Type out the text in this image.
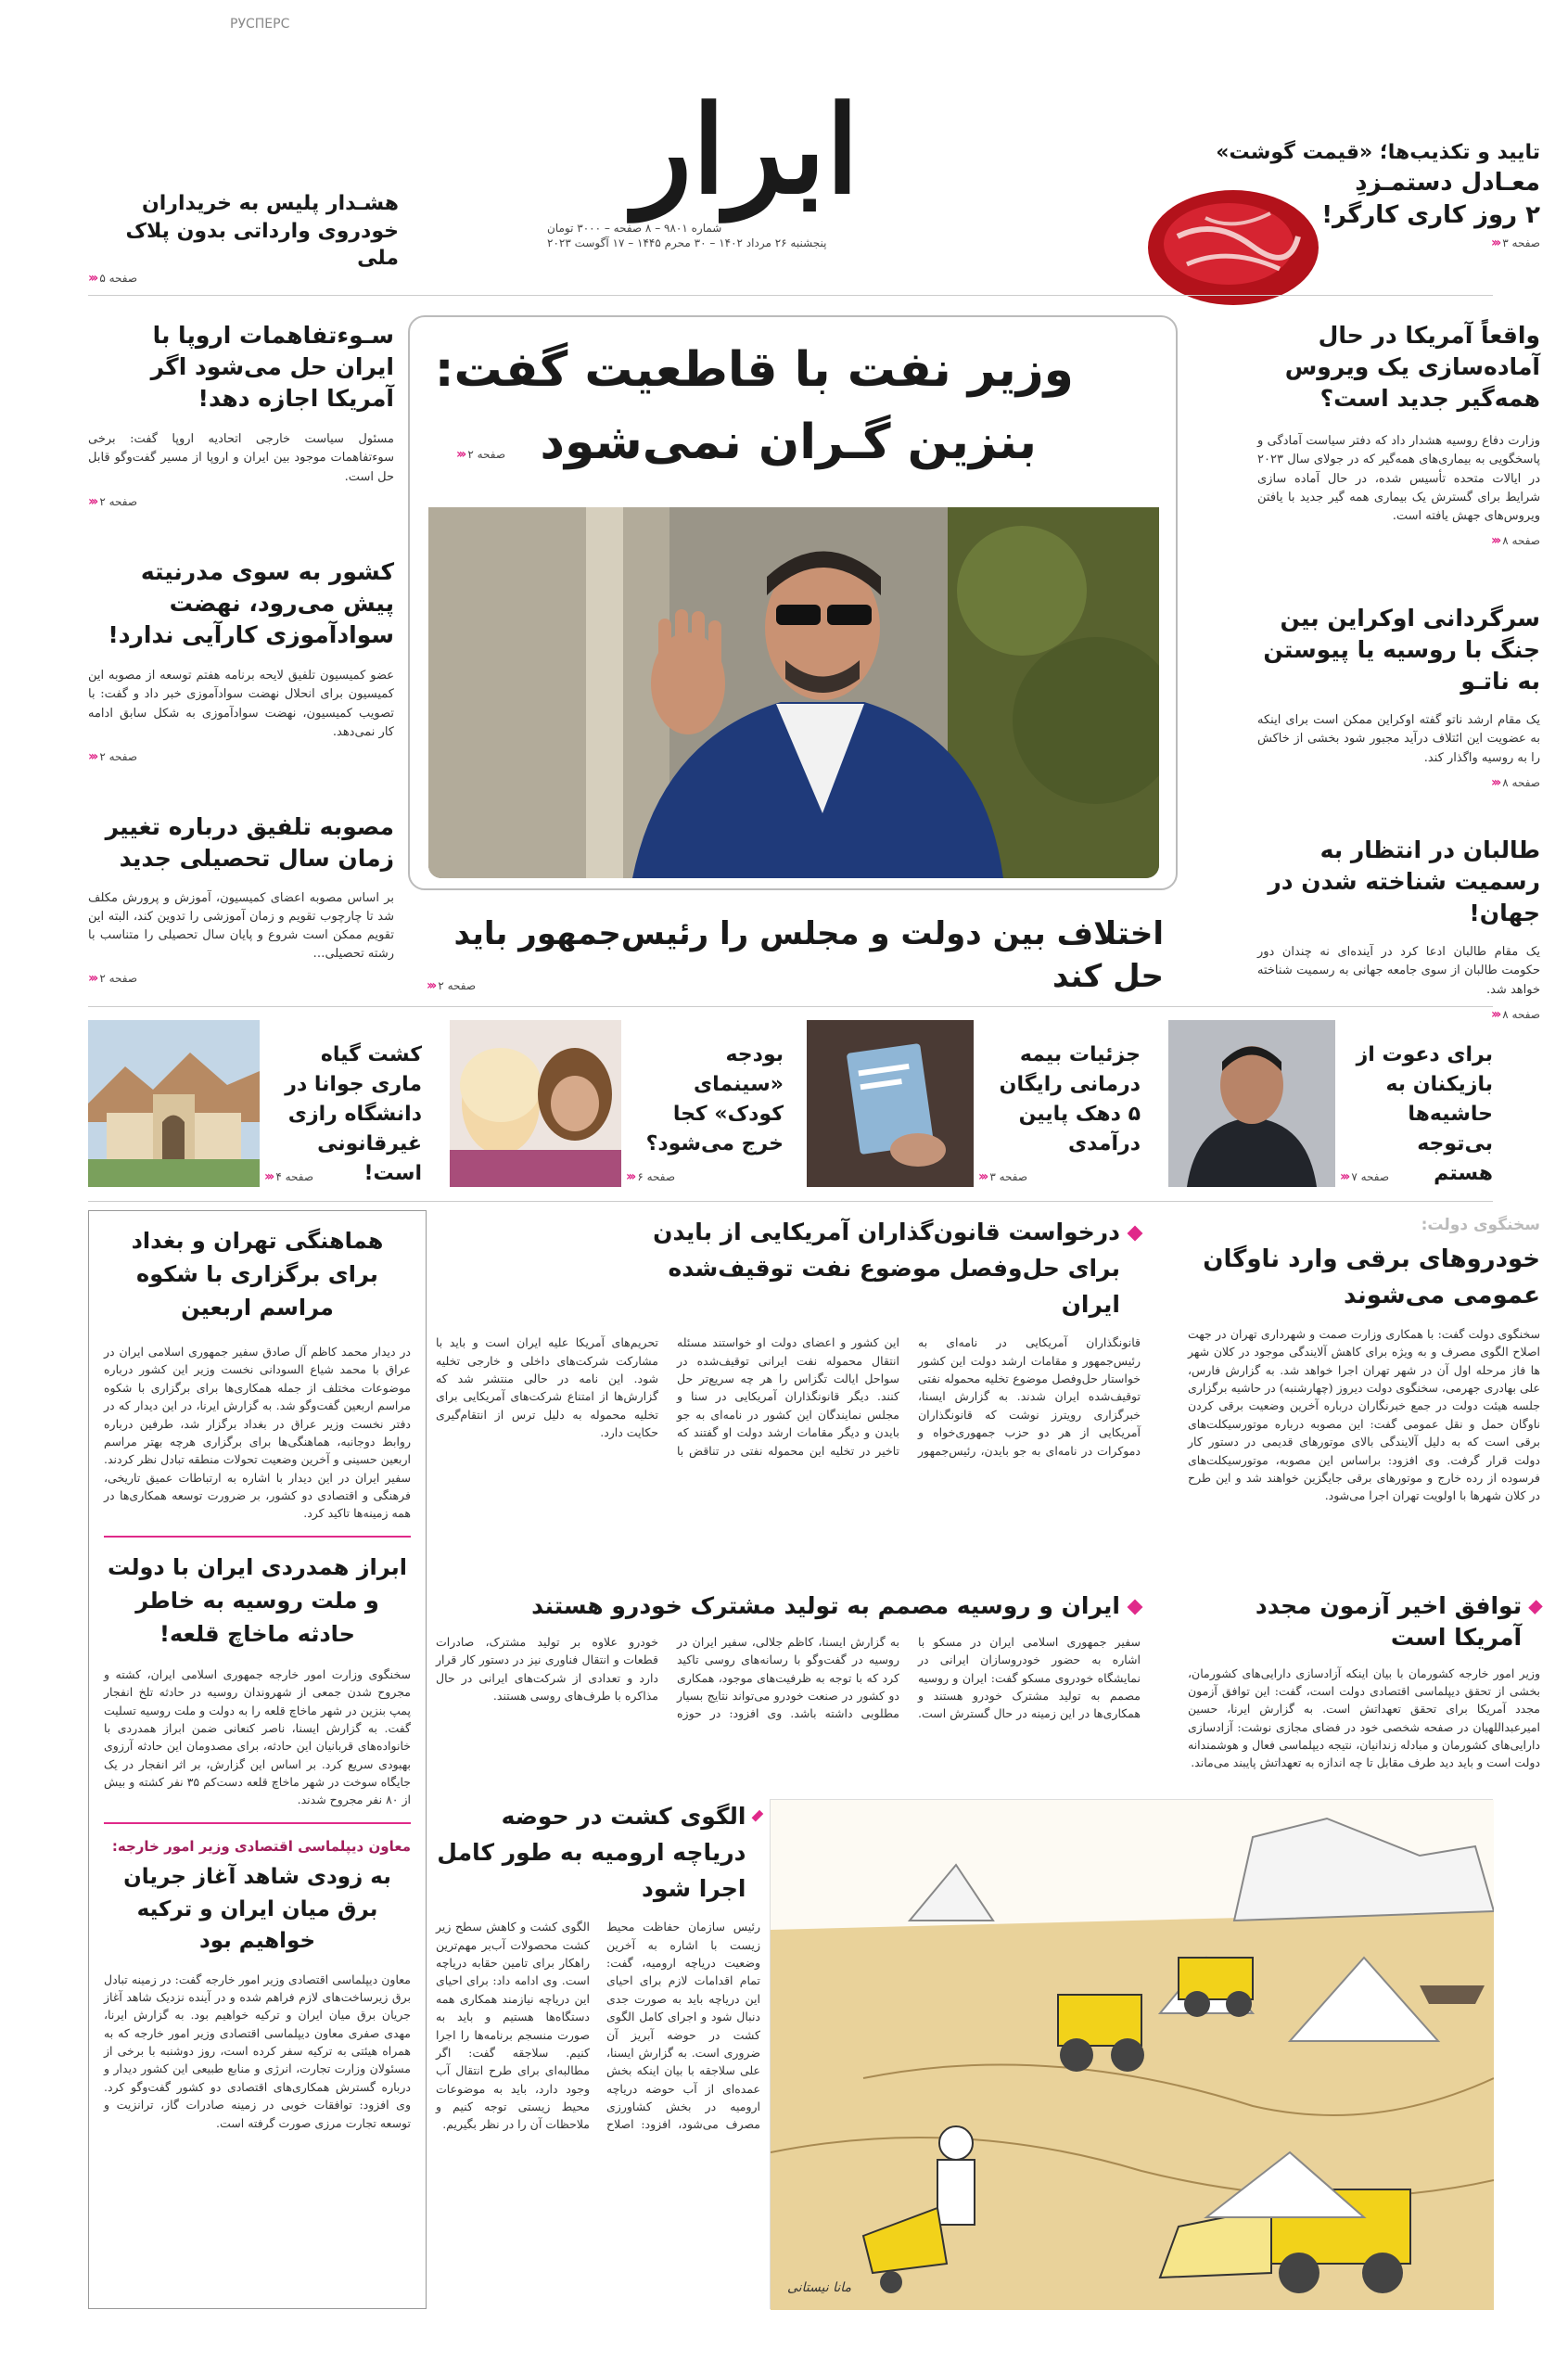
РУСПЕРС
ابرار
شماره ۹۸۰۱ – ۸ صفحه – ۳۰۰۰ تومان
پنجشنبه ۲۶ مرداد ۱۴۰۲ – ۳۰ محرم ۱۴۴۵ – ۱۷ آگوست ۲۰۲۳
تایید و تکذیب‌ها؛ «قیمت گوشت»
معـادل دستمـزدِ
۲ روز کاری کارگر!
صفحه ۳
‹‹‹
هشـدار پلیس به خریداران
خودروی وارداتی بدون پلاک ملی
صفحه ۵
‹‹‹
وزیر نفت با قاطعیت گفت:
بنزین گـران نمی‌شود
صفحه ۲
‹‹‹
اختلاف بین دولت و مجلس را رئیس‌جمهور باید حل کند
صفحه ۲
‹‹‹
واقعاً آمریکا در حال آماده‌سازی یک ویروس همه‌گیر جدید است؟
وزارت دفاع روسیه هشدار داد که دفتر سیاست آمادگی و پاسخگویی به بیماری‌های همه‌گیر که در جولای سال ۲۰۲۳ در ایالات متحده تأسیس شده، در حال آماده سازی شرایط برای گسترش یک بیماری همه گیر جدید با یافتن ویروس‌های جهش یافته است.
صفحه ۸
‹‹‹
سرگردانی اوکراین بین جنگ با روسیه یا پیوستن به ناتـو
یک مقام ارشد ناتو گفته اوکراین ممکن است برای اینکه به عضویت این ائتلاف درآید مجبور شود بخشی از خاکش را به روسیه واگذار کند.
صفحه ۸
‹‹‹
طالبان در انتظار به رسمیت شناخته شدن در جهان!
یک مقام طالبان ادعا کرد در آینده‌ای نه چندان دور حکومت طالبان از سوی جامعه جهانی به رسمیت شناخته خواهد شد.
صفحه ۸
‹‹‹
سـوء‌تفاهمات اروپا با ایران حل می‌شود اگر آمریکا اجازه دهد!
مسئول سیاست خارجی اتحادیه اروپا گفت: برخی سوءتفاهمات موجود بین ایران و اروپا از مسیر گفت‌وگو قابل حل است.
صفحه ۲
‹‹‹
کشور به سوی مدرنیته پیش می‌رود، نهضت سوادآموزی کارآیی ندارد!
عضو کمیسیون تلفیق لایحه برنامه هفتم توسعه از مصوبه این کمیسیون برای انحلال نهضت سوادآموزی خبر داد و گفت: با تصویب کمیسیون، نهضت سوادآموزی به شکل سابق ادامه کار نمی‌دهد.
صفحه ۲
‹‹‹
مصوبه تلفیق درباره تغییر زمان سال تحصیلی جدید
بر اساس مصوبه اعضای کمیسیون، آموزش و پرورش مکلف شد تا چارچوب تقویم و زمان آموزشی را تدوین کند، البته این تقویم ممکن است شروع و پایان سال تحصیلی را متناسب با رشته تحصیلی…
صفحه ۲
‹‹‹
برای دعوت از بازیکنان به حاشیه‌ها بی‌توجه هستم
صفحه ۷
‹‹‹
جزئیات بیمه درمانی رایگان ۵ دهک پایین درآمدی
صفحه ۳
‹‹‹
بودجه «سینمای کودک» کجا خرج می‌شود؟
صفحه ۶
‹‹‹
کشت گیاه ماری جوانا در دانشگاه رازی غیرقانونی است!
صفحه ۴
‹‹‹
سخنگوی دولت:
خودروهای برقی وارد ناوگان عمومی می‌شوند
سخنگوی دولت گفت: با همکاری وزارت صمت و شهرداری تهران در جهت اصلاح الگوی مصرف و به ویژه برای کاهش آلایندگی موجود در کلان شهر ها فاز مرحله اول آن در شهر تهران اجرا خواهد شد. به گزارش فارس، علی بهادری جهرمی، سخنگوی دولت دیروز (چهارشنبه) در حاشیه برگزاری جلسه هیئت دولت در جمع خبرنگاران درباره آخرین وضعیت برقی کردن ناوگان حمل و نقل عمومی گفت: این مصوبه درباره موتورسیکلت‌های برقی است که به دلیل آلایندگی بالای موتورهای قدیمی در دستور کار دولت قرار گرفت. وی افزود: براساس این مصوبه، موتورسیکلت‌های فرسوده از رده خارج و موتورهای برقی جایگزین خواهند شد و این طرح در کلان شهرها با اولویت تهران اجرا می‌شود.
درخواست قانون‌گذاران آمریکایی از بایدن برای حل‌وفصل موضوع نفت توقیف‌شده ایران
قانونگذاران آمریکایی در نامه‌ای به رئیس‌جمهور و مقامات ارشد دولت این کشور خواستار حل‌وفصل موضوع تخلیه محموله نفتی توقیف‌شده ایران شدند. به گزارش ایسنا، خبرگزاری رویترز نوشت که قانونگذاران آمریکایی از هر دو حزب جمهوری‌خواه و دموکرات در نامه‌ای به جو بایدن، رئیس‌جمهور این کشور و اعضای دولت او خواستند مسئله انتقال محموله نفت ایرانی توقیف‌شده در سواحل ایالت تگزاس را هر چه سریع‌تر حل کنند. دیگر قانونگذاران آمریکایی در سنا و مجلس نمایندگان این کشور در نامه‌ای به جو بایدن و دیگر مقامات ارشد دولت او گفتند که تاخیر در تخلیه این محموله نفتی در تناقض با تحریم‌های آمریکا علیه ایران است و باید با مشارکت شرکت‌های داخلی و خارجی تخلیه شود. این نامه در حالی منتشر شد که گزارش‌ها از امتناع شرکت‌های آمریکایی برای تخلیه محموله به دلیل ترس از انتقام‌گیری حکایت دارد.
هماهنگی تهران و بغداد برای برگزاری با شکوه مراسم اربعین
در دیدار محمد کاظم آل صادق سفیر جمهوری اسلامی ایران در عراق با محمد شیاع السودانی نخست وزیر این کشور درباره موضوعات مختلف از جمله همکاری‌ها برای برگزاری با شکوه مراسم اربعین گفت‌وگو شد. به گزارش ایرنا، در این دیدار که در دفتر نخست وزیر عراق در بغداد برگزار شد، طرفین درباره روابط دوجانبه، هماهنگی‌ها برای برگزاری هرچه بهتر مراسم اربعین حسینی و آخرین وضعیت تحولات منطقه تبادل نظر کردند. سفیر ایران در این دیدار با اشاره به ارتباطات عمیق تاریخی، فرهنگی و اقتصادی دو کشور، بر ضرورت توسعه همکاری‌ها در همه زمینه‌ها تاکید کرد.
ابراز همدردی ایران با دولت و ملت روسیه به خاطر حادثه ماخاچ قلعه!
سخنگوی وزارت امور خارجه جمهوری اسلامی ایران، کشته و مجروح شدن جمعی از شهروندان روسیه در حادثه تلخ انفجار پمپ بنزین در شهر ماخاچ قلعه را به دولت و ملت روسیه تسلیت گفت. به گزارش ایسنا، ناصر کنعانی ضمن ابراز همدردی با خانواده‌های قربانیان این حادثه، برای مصدومان این حادثه آرزوی بهبودی سریع کرد. بر اساس این گزارش، بر اثر انفجار در یک جایگاه سوخت در شهر ماخاچ قلعه دست‌کم ۳۵ نفر کشته و بیش از ۸۰ نفر مجروح شدند.
معاون دیپلماسی اقتصادی وزیر امور خارجه:
به زودی شاهد آغاز جریان برق میان ایران و ترکیه خواهیم بود
معاون دیپلماسی اقتصادی وزیر امور خارجه گفت: در زمینه تبادل برق زیرساخت‌های لازم فراهم شده و در آینده نزدیک شاهد آغاز جریان برق میان ایران و ترکیه خواهیم بود. به گزارش ایرنا، مهدی صفری معاون دیپلماسی اقتصادی وزیر امور خارجه که به همراه هیئتی به ترکیه سفر کرده است، روز دوشنبه با برخی از مسئولان وزارت تجارت، انرژی و منابع طبیعی این کشور دیدار و درباره گسترش همکاری‌های اقتصادی دو کشور گفت‌وگو کرد. وی افزود: توافقات خوبی در زمینه صادرات گاز، ترانزیت و توسعه تجارت مرزی صورت گرفته است.
توافق اخیر آزمون مجدد آمریکا است
وزیر امور خارجه کشورمان با بیان اینکه آزادسازی دارایی‌های کشورمان، بخشی از تحقق دیپلماسی اقتصادی دولت است، گفت: این توافق آزمون مجدد آمریکا برای تحقق تعهداتش است. به گزارش ایرنا، حسین امیرعبداللهیان در صفحه شخصی خود در فضای مجازی نوشت: آزادسازی دارایی‌های کشورمان و مبادله زندانیان، نتیجه دیپلماسی فعال و هوشمندانه دولت است و باید دید طرف مقابل تا چه اندازه به تعهداتش پایبند می‌ماند.
ایران و روسیه مصمم به تولید مشترک خودرو هستند
سفیر جمهوری اسلامی ایران در مسکو با اشاره به حضور خودروسازان ایرانی در نمایشگاه خودروی مسکو گفت: ایران و روسیه مصمم به تولید مشترک خودرو هستند و همکاری‌ها در این زمینه در حال گسترش است. به گزارش ایسنا، کاظم جلالی، سفیر ایران در روسیه در گفت‌وگو با رسانه‌های روسی تاکید کرد که با توجه به ظرفیت‌های موجود، همکاری دو کشور در صنعت خودرو می‌تواند نتایج بسیار مطلوبی داشته باشد. وی افزود: در حوزه خودرو علاوه بر تولید مشترک، صادرات قطعات و انتقال فناوری نیز در دستور کار قرار دارد و تعدادی از شرکت‌های ایرانی در حال مذاکره با طرف‌های روسی هستند.
الگوی کشت در حوضه دریاچه ارومیه به طور کامل اجرا شود
رئیس سازمان حفاظت محیط زیست با اشاره به آخرین وضعیت دریاچه ارومیه، گفت: تمام اقدامات لازم برای احیای این دریاچه باید به صورت جدی دنبال شود و اجرای کامل الگوی کشت در حوضه آبریز آن ضروری است. به گزارش ایسنا، علی سلاجقه با بیان اینکه بخش عمده‌ای از آب حوضه دریاچه ارومیه در بخش کشاورزی مصرف می‌شود، افزود: اصلاح الگوی کشت و کاهش سطح زیر کشت محصولات آب‌بر مهم‌ترین راهکار برای تامین حقابه دریاچه است. وی ادامه داد: برای احیای این دریاچه نیازمند همکاری همه دستگاه‌ها هستیم و باید به صورت منسجم برنامه‌ها را اجرا کنیم. سلاجقه گفت: اگر مطالبه‌ای برای طرح انتقال آب وجود دارد، باید به موضوعات محیط زیستی توجه کنیم و ملاحظات آن را در نظر بگیریم.
مانا نیستانی
